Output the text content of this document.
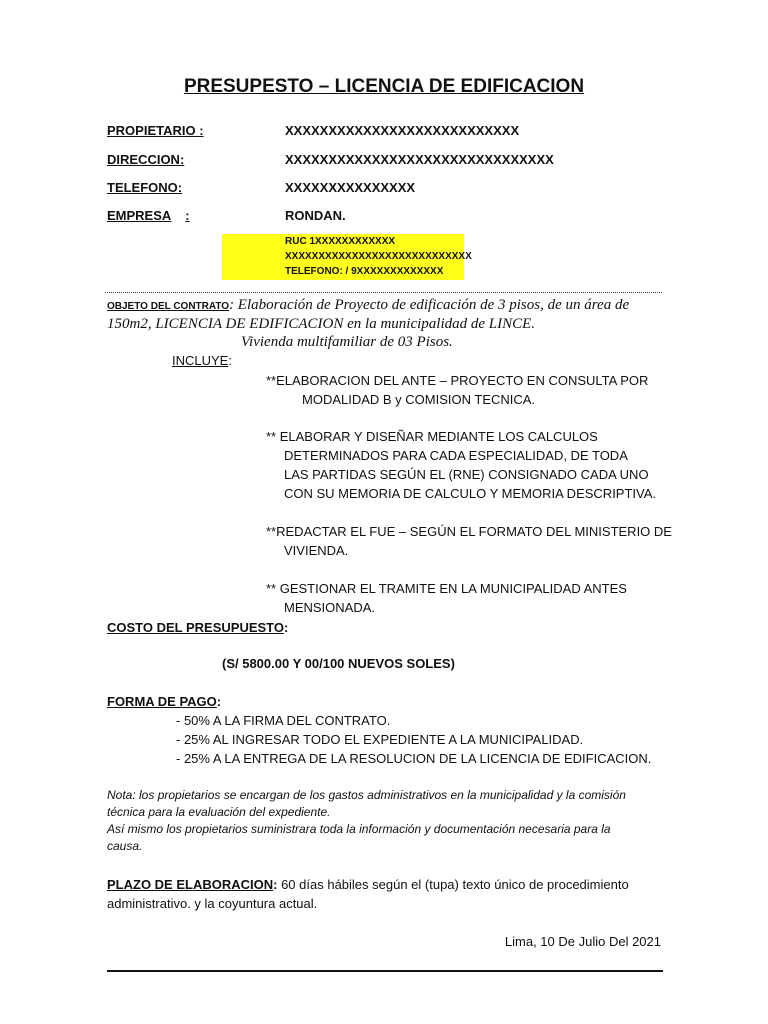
PRESUPESTO – LICENCIA DE EDIFICACION
PROPIETARIO :	XXXXXXXXXXXXXXXXXXXXXXXXXXX
DIRECCION:	XXXXXXXXXXXXXXXXXXXXXXXXXXXXXXX
TELEFONO:	XXXXXXXXXXXXXXX
EMPRESA :	RONDAN.
RUC 1XXXXXXXXXXXX
XXXXXXXXXXXXXXXXXXXXXXXXXXXX
TELEFONO: / 9XXXXXXXXXXXXX
OBJETO DEL CONTRATO: Elaboración de Proyecto de edificación de 3 pisos, de un área de
150m2, LICENCIA DE EDIFICACION en la municipalidad de LINCE.
Vivienda multifamiliar de 03 Pisos.
INCLUYE:
**ELABORACION DEL ANTE – PROYECTO EN CONSULTA POR
MODALIDAD B y COMISION TECNICA.
** ELABORAR Y DISEÑAR MEDIANTE LOS CALCULOS
DETERMINADOS PARA CADA ESPECIALIDAD, DE TODA
LAS PARTIDAS SEGÚN EL (RNE) CONSIGNADO CADA UNO
CON SU MEMORIA DE CALCULO Y MEMORIA DESCRIPTIVA.
**REDACTAR EL FUE – SEGÚN EL FORMATO DEL MINISTERIO DE
VIVIENDA.
** GESTIONAR EL TRAMITE EN LA MUNICIPALIDAD ANTES
MENSIONADA.
COSTO DEL PRESUPUESTO:
(S/ 5800.00 Y 00/100 NUEVOS SOLES)
FORMA DE PAGO:
- 50% A LA FIRMA DEL CONTRATO.
- 25% AL INGRESAR TODO EL EXPEDIENTE A LA MUNICIPALIDAD.
- 25% A LA ENTREGA DE LA RESOLUCION DE LA LICENCIA DE EDIFICACION.
Nota: los propietarios se encargan de los gastos administrativos en la municipalidad y la comisión
técnica para la evaluación del expediente.
Así mismo los propietarios suministrara toda la información y documentación necesaria para la
causa.
PLAZO DE ELABORACION: 60 días hábiles según el (tupa) texto único de procedimiento
administrativo. y la coyuntura actual.
Lima, 10 De Julio Del 2021
